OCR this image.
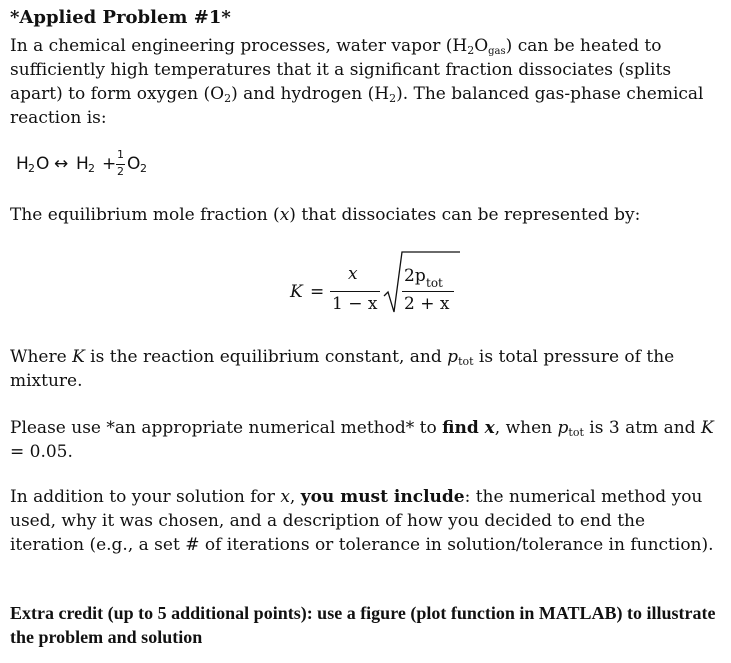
*Applied Problem #1*

In a chemical engineering processes, water vapor $(H_2O_{gas})$ can be heated to sufficiently high temperatures that it a significant fraction dissociates (splits apart) to form oxygen $(O_2)$ and hydrogen $(H_2)$. The balanced gas-phase chemical reaction is:

H 2 O ↔ H 2 + 1
2 O 2

The equilibrium mole fraction (x) that dissociates can be represented by:

K =
x
1 − x
2p tot
2 + x

Where K is the reaction equilibrium constant, and $p_{tot}$ is total pressure of the mixture.

Please use *an appropriate numerical method* to find x, when $p_{tot}$ is 3 atm and K = 0.05.

In addition to your solution for x, you must include: the numerical method you used, why it was chosen, and a description of how you decided to end the iteration (e.g., a set # of iterations or tolerance in solution/tolerance in function).

Extra credit (up to 5 additional points): use a figure (plot function in MATLAB) to illustrate the problem and solution
